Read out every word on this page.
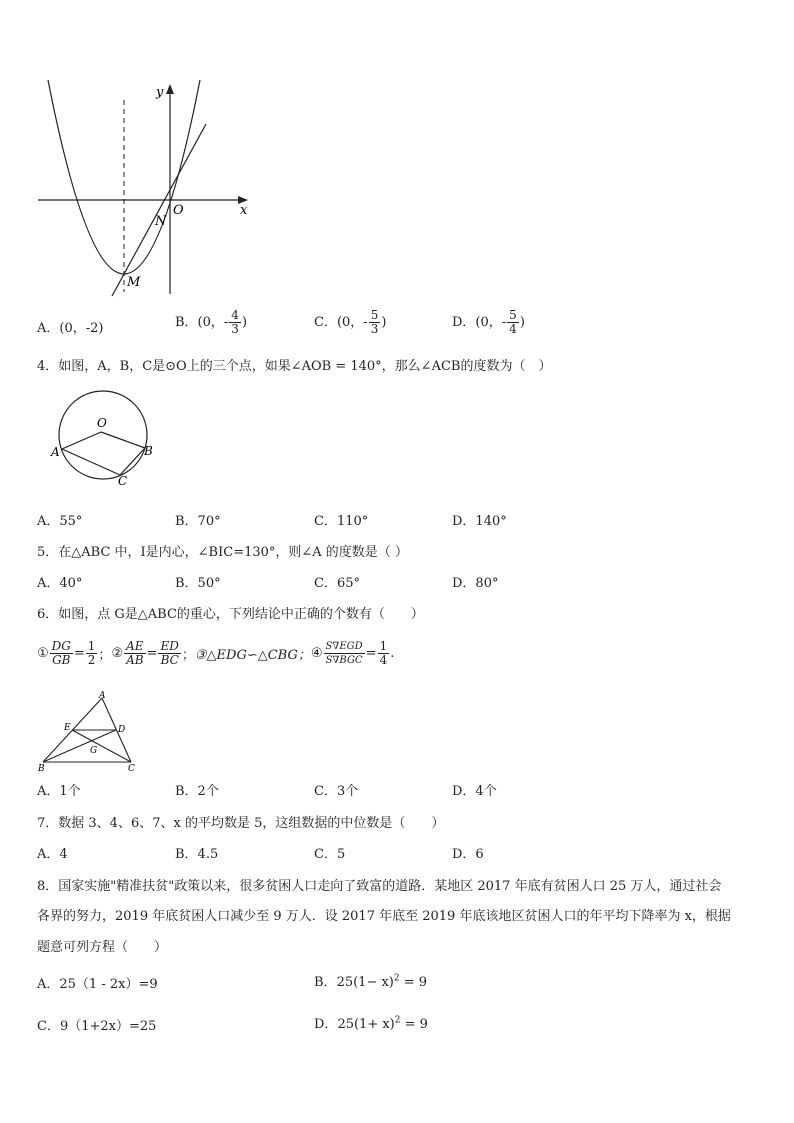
y
x
O
N
M
A．(0，-2)	B．(0，- $\frac{4}{3}$ )	C．(0，- $\frac{5}{3}$ )	D．(0，- $\frac{5}{4}$ )
4．如图，A，B，C是⊙O上的三个点，如果∠AOB = 140°，那么∠ACB的度数为（　）
O
A	B
C
A．55°	B．70°	C．110°	D．140°
5．在△ABC 中，I是内心，∠BIC=130°，则∠A 的度数是（ ）
A．40°	B．50°	C．65°	D．80°
6．如图，点 G是△ABC的重心，下列结论中正确的个数有（　　）
① $\frac{DG}{GB} = \frac{1}{2}$ ； ② $\frac{AE}{AB} = \frac{ED}{BC}$ ； ③△EDG∽△CBG； ④ $\frac{\text{S∇EGD}}{\text{S∇BGC}} = \frac{1}{4}$ .
A
E	D
G
B	C
A．1个	B．2个	C．3个	D．4个
7．数据 3、4、6、7、x 的平均数是 5，这组数据的中位数是（　　）
A．4	B．4.5	C．5	D．6
8．国家实施"精准扶贫"政策以来，很多贫困人口走向了致富的道路．某地区 2017 年底有贫困人口 25 万人，通过社会
各界的努力，2019 年底贫困人口减少至 9 万人．设 2017 年底至 2019 年底该地区贫困人口的年平均下降率为 x，根据
题意可列方程（　　）
A．25（1 - 2x）=9	B．$25(1- x)^2 = 9$
C．9（1+2x）=25	D．$25(1+ x)^2 = 9$
